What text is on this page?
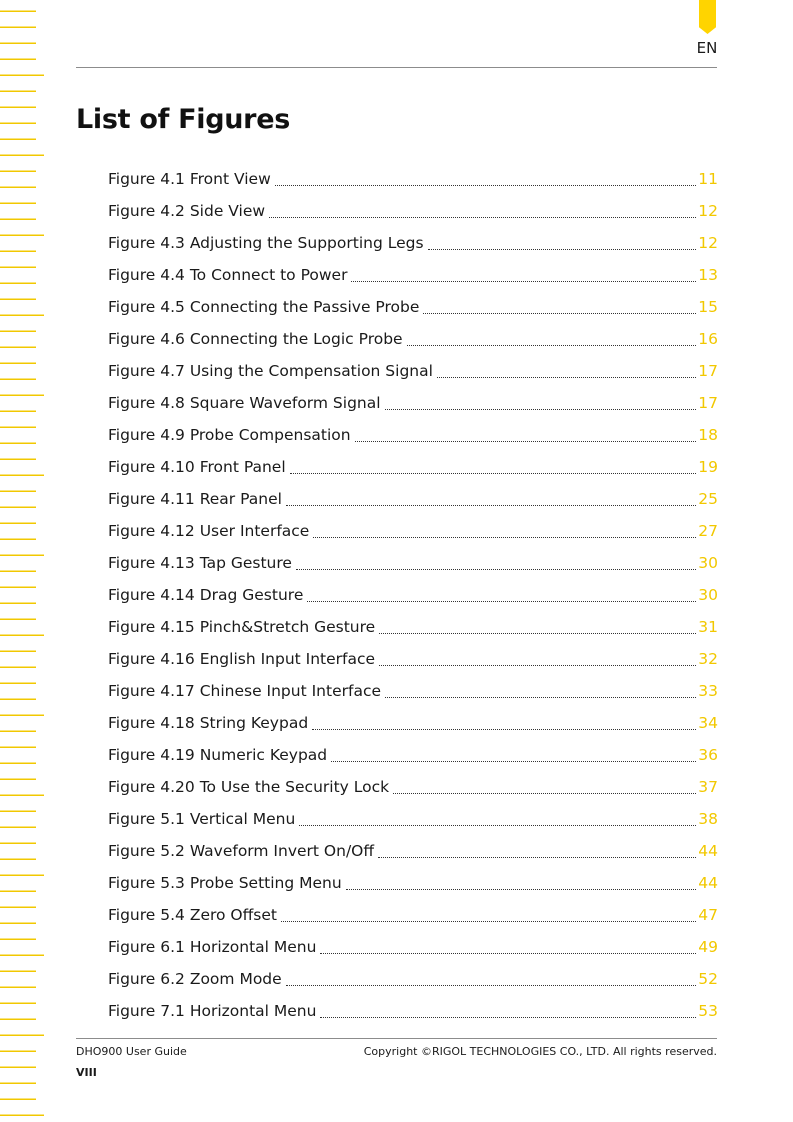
EN
List of Figures
Figure 4.1 Front View	11
Figure 4.2 Side View	12
Figure 4.3 Adjusting the Supporting Legs	12
Figure 4.4 To Connect to Power	13
Figure 4.5 Connecting the Passive Probe	15
Figure 4.6 Connecting the Logic Probe	16
Figure 4.7 Using the Compensation Signal	17
Figure 4.8 Square Waveform Signal	17
Figure 4.9 Probe Compensation	18
Figure 4.10 Front Panel	19
Figure 4.11 Rear Panel	25
Figure 4.12 User Interface	27
Figure 4.13 Tap Gesture	30
Figure 4.14 Drag Gesture	30
Figure 4.15 Pinch&Stretch Gesture	31
Figure 4.16 English Input Interface	32
Figure 4.17 Chinese Input Interface	33
Figure 4.18 String Keypad	34
Figure 4.19 Numeric Keypad	36
Figure 4.20 To Use the Security Lock	37
Figure 5.1 Vertical Menu	38
Figure 5.2 Waveform Invert On/Off	44
Figure 5.3 Probe Setting Menu	44
Figure 5.4 Zero Offset	47
Figure 6.1 Horizontal Menu	49
Figure 6.2 Zoom Mode	52
Figure 7.1 Horizontal Menu	53
DHO900 User Guide	Copyright ©RIGOL TECHNOLOGIES CO., LTD. All rights reserved.
VIII
